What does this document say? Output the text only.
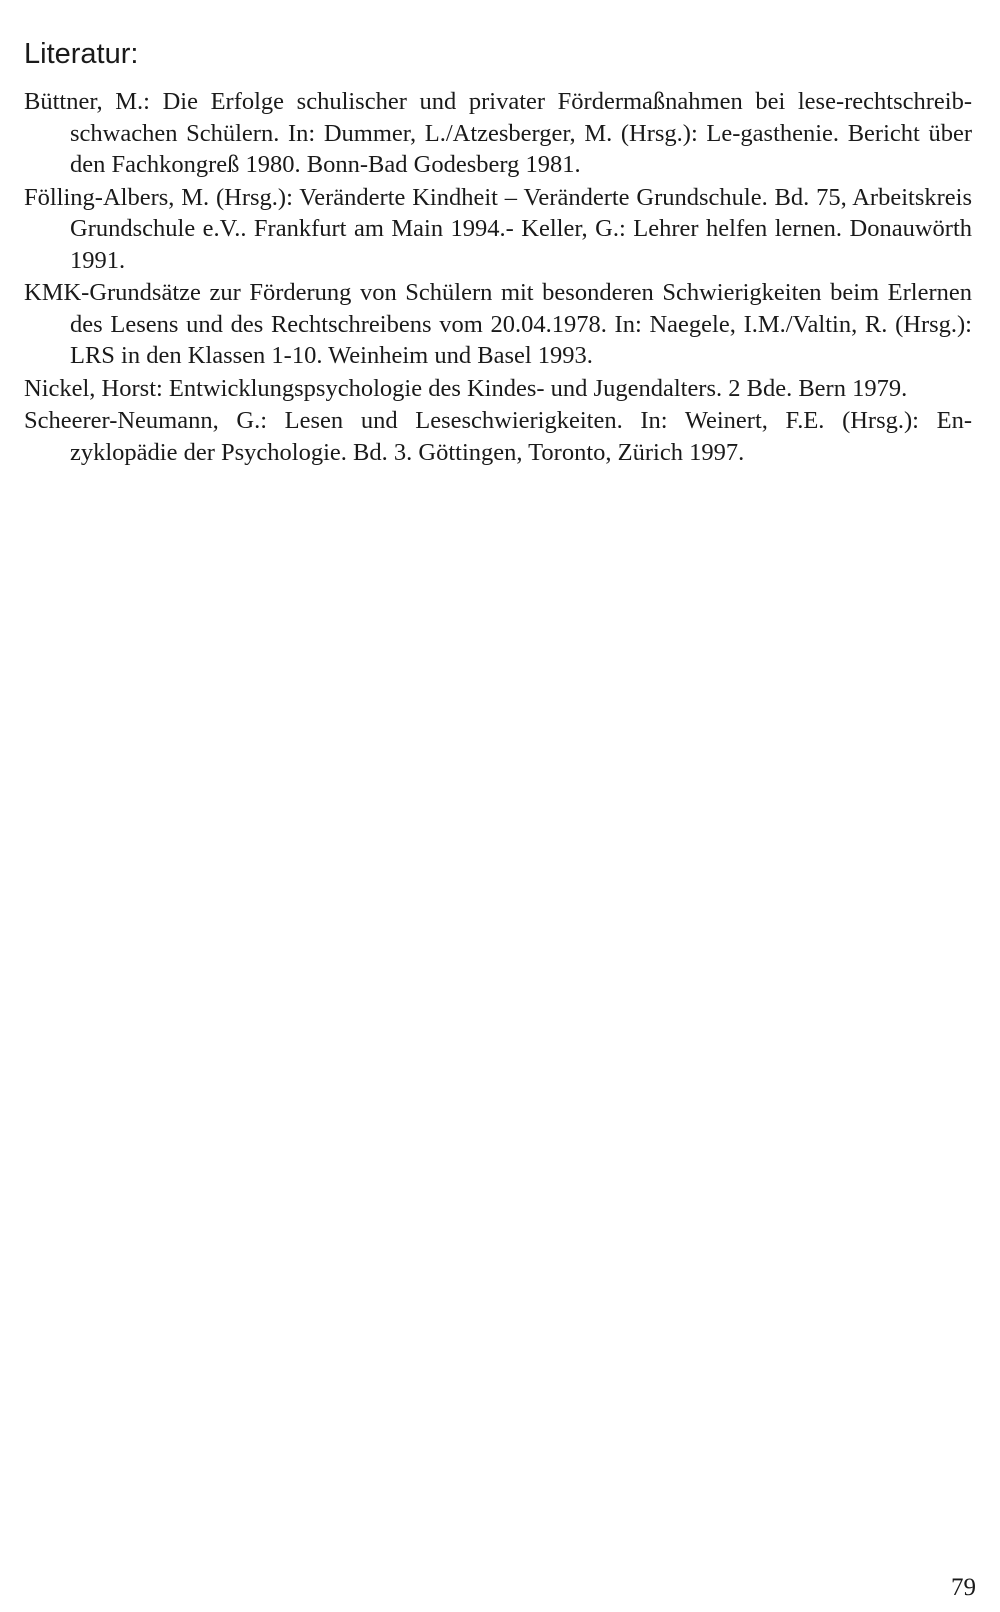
Literatur:
Büttner, M.: Die Erfolge schulischer und privater Fördermaßnahmen bei lese-rechtschreib-schwachen Schülern. In: Dummer, L./Atzesberger, M. (Hrsg.): Le-gasthenie. Bericht über den Fachkongreß 1980. Bonn-Bad Godesberg 1981.
Fölling-Albers, M. (Hrsg.): Veränderte Kindheit – Veränderte Grundschule. Bd. 75, Arbeitskreis Grundschule e.V.. Frankfurt am Main 1994.- Keller, G.: Lehrer helfen lernen. Donauwörth 1991.
KMK-Grundsätze zur Förderung von Schülern mit besonderen Schwierigkeiten beim Erlernen des Lesens und des Rechtschreibens vom 20.04.1978. In: Naegele, I.M./Valtin, R. (Hrsg.): LRS in den Klassen 1-10. Weinheim und Basel 1993.
Nickel, Horst: Entwicklungspsychologie des Kindes- und Jugendalters. 2 Bde. Bern 1979.
Scheerer-Neumann, G.: Lesen und Leseschwierigkeiten. In: Weinert, F.E. (Hrsg.): En-zyklopädie der Psychologie. Bd. 3. Göttingen, Toronto, Zürich 1997.
79
